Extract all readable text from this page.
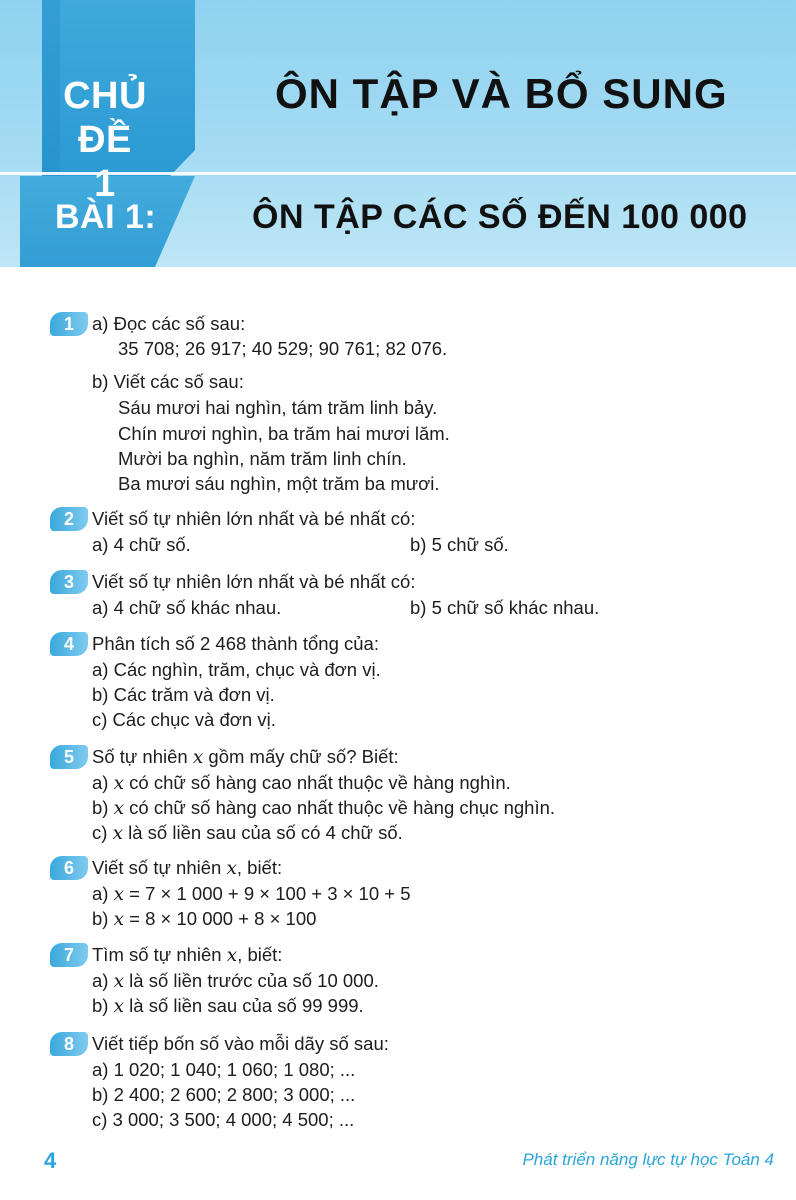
CHỦ ĐỀ
1
ÔN TẬP VÀ BỔ SUNG
BÀI 1:	ÔN TẬP CÁC SỐ ĐẾN 100 000
1 a) Đọc các số sau:
35 708; 26 917; 40 529; 90 761; 82 076.
b) Viết các số sau:
Sáu mươi hai nghìn, tám trăm linh bảy.
Chín mươi nghìn, ba trăm hai mươi lăm.
Mười ba nghìn, năm trăm linh chín.
Ba mươi sáu nghìn, một trăm ba mươi.
2 Viết số tự nhiên lớn nhất và bé nhất có:
a) 4 chữ số.	b) 5 chữ số.
3 Viết số tự nhiên lớn nhất và bé nhất có:
a) 4 chữ số khác nhau.	b) 5 chữ số khác nhau.
4 Phân tích số 2 468 thành tổng của:
a) Các nghìn, trăm, chục và đơn vị.
b) Các trăm và đơn vị.
c) Các chục và đơn vị.
5 Số tự nhiên x gồm mấy chữ số? Biết:
a) x có chữ số hàng cao nhất thuộc về hàng nghìn.
b) x có chữ số hàng cao nhất thuộc về hàng chục nghìn.
c) x là số liền sau của số có 4 chữ số.
6 Viết số tự nhiên x, biết:
a) x = 7 × 1 000 + 9 × 100 + 3 × 10 + 5
b) x = 8 × 10 000 + 8 × 100
7 Tìm số tự nhiên x, biết:
a) x là số liền trước của số 10 000.
b) x là số liền sau của số 99 999.
8 Viết tiếp bốn số vào mỗi dãy số sau:
a) 1 020; 1 040; 1 060; 1 080; ...
b) 2 400; 2 600; 2 800; 3 000; ...
c) 3 000; 3 500; 4 000; 4 500; ...
4	Phát triển năng lực tự học Toán 4
